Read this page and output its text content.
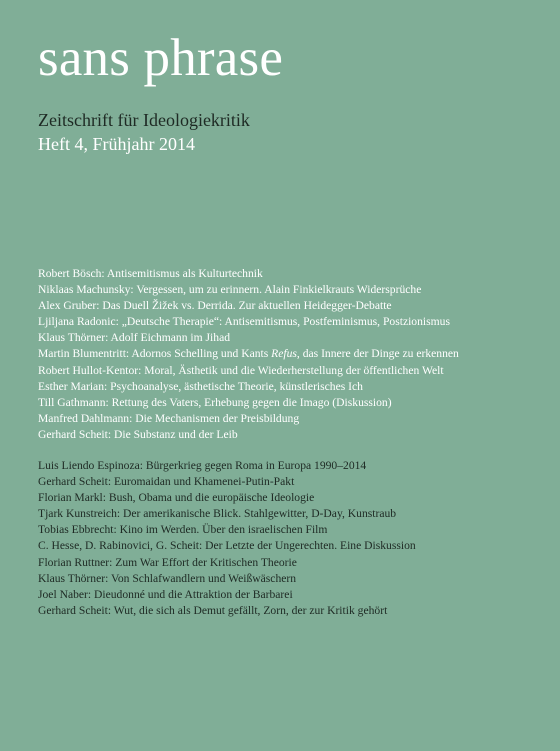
sans phrase
Zeitschrift für Ideologiekritik
Heft 4, Frühjahr 2014
Robert Bösch: Antisemitismus als Kulturtechnik
Niklaas Machunsky: Vergessen, um zu erinnern. Alain Finkielkrauts Widersprüche
Alex Gruber: Das Duell Žižek vs. Derrida. Zur aktuellen Heidegger-Debatte
Ljiljana Radonic: „Deutsche Therapie“: Antisemitismus, Postfeminismus, Postzionismus
Klaus Thörner: Adolf Eichmann im Jihad
Martin Blumentritt: Adornos Schelling und Kants Refus, das Innere der Dinge zu erkennen
Robert Hullot-Kentor: Moral, Ästhetik und die Wiederherstellung der öffentlichen Welt
Esther Marian: Psychoanalyse, ästhetische Theorie, künstlerisches Ich
Till Gathmann: Rettung des Vaters, Erhebung gegen die Imago (Diskussion)
Manfred Dahlmann: Die Mechanismen der Preisbildung
Gerhard Scheit: Die Substanz und der Leib
Luis Liendo Espinoza: Bürgerkrieg gegen Roma in Europa 1990–2014
Gerhard Scheit: Euromaidan und Khamenei-Putin-Pakt
Florian Markl: Bush, Obama und die europäische Ideologie
Tjark Kunstreich: Der amerikanische Blick. Stahlgewitter, D-Day, Kunstraub
Tobias Ebbrecht: Kino im Werden. Über den israelischen Film
C. Hesse, D. Rabinovici, G. Scheit: Der Letzte der Ungerechten. Eine Diskussion
Florian Ruttner: Zum War Effort der Kritischen Theorie
Klaus Thörner: Von Schlafwandlern und Weißwäschern
Joel Naber: Dieudonné und die Attraktion der Barbarei
Gerhard Scheit: Wut, die sich als Demut gefällt, Zorn, der zur Kritik gehört
